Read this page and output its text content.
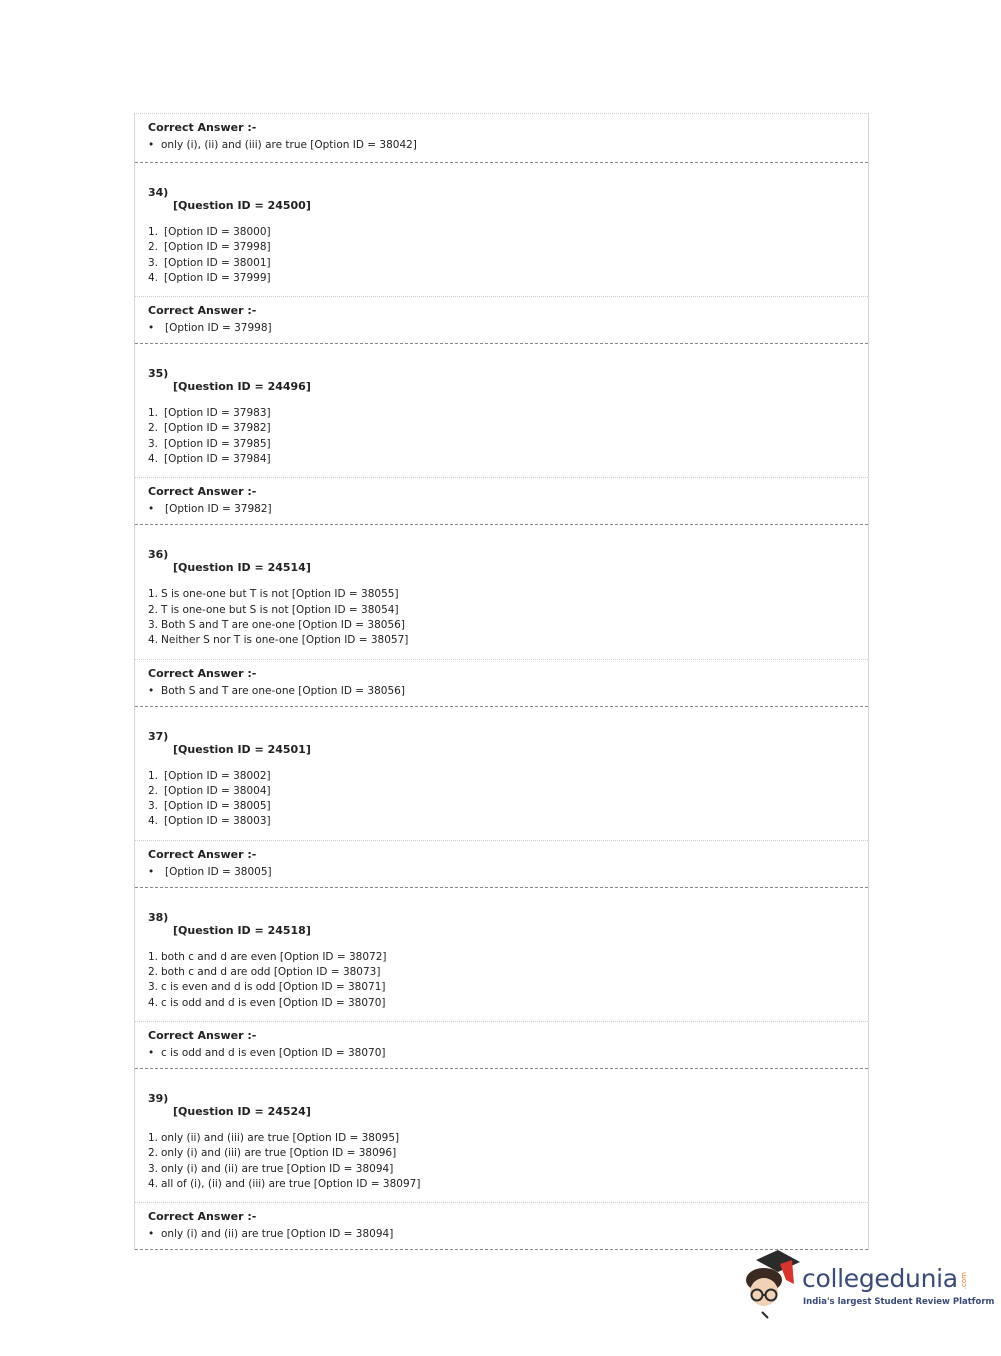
Correct Answer :-
• only (i), (ii) and (iii) are true [Option ID = 38042]
34)
[Question ID = 24500]
1. [Option ID = 38000]
2. [Option ID = 37998]
3. [Option ID = 38001]
4. [Option ID = 37999]
Correct Answer :-
• [Option ID = 37998]
35)
[Question ID = 24496]
1. [Option ID = 37983]
2. [Option ID = 37982]
3. [Option ID = 37985]
4. [Option ID = 37984]
Correct Answer :-
• [Option ID = 37982]
36)
[Question ID = 24514]
1. S is one-one but T is not [Option ID = 38055]
2. T is one-one but S is not [Option ID = 38054]
3. Both S and T are one-one [Option ID = 38056]
4. Neither S nor T is one-one [Option ID = 38057]
Correct Answer :-
• Both S and T are one-one [Option ID = 38056]
37)
[Question ID = 24501]
1. [Option ID = 38002]
2. [Option ID = 38004]
3. [Option ID = 38005]
4. [Option ID = 38003]
Correct Answer :-
• [Option ID = 38005]
38)
[Question ID = 24518]
1. both c and d are even [Option ID = 38072]
2. both c and d are odd [Option ID = 38073]
3. c is even and d is odd [Option ID = 38071]
4. c is odd and d is even [Option ID = 38070]
Correct Answer :-
• c is odd and d is even [Option ID = 38070]
39)
[Question ID = 24524]
1. only (ii) and (iii) are true [Option ID = 38095]
2. only (i) and (iii) are true [Option ID = 38096]
3. only (i) and (ii) are true [Option ID = 38094]
4. all of (i), (ii) and (iii) are true [Option ID = 38097]
Correct Answer :-
• only (i) and (ii) are true [Option ID = 38094]
collegedunia .com
India's largest Student Review Platform
